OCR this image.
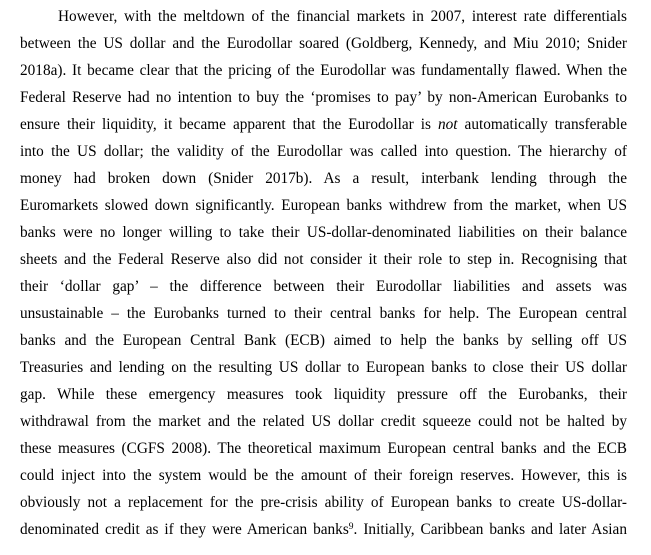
However, with the meltdown of the financial markets in 2007, interest rate differentials
between the US dollar and the Eurodollar soared (Goldberg, Kennedy, and Miu 2010; Snider
2018a). It became clear that the pricing of the Eurodollar was fundamentally flawed. When the
Federal Reserve had no intention to buy the ‘promises to pay’ by non-American Eurobanks to
ensure their liquidity, it became apparent that the Eurodollar is not automatically transferable
into the US dollar; the validity of the Eurodollar was called into question. The hierarchy of
money had broken down (Snider 2017b). As a result, interbank lending through the
Euromarkets slowed down significantly. European banks withdrew from the market, when US
banks were no longer willing to take their US-dollar-denominated liabilities on their balance
sheets and the Federal Reserve also did not consider it their role to step in. Recognising that
their ‘dollar gap’ – the difference between their Eurodollar liabilities and assets was
unsustainable – the Eurobanks turned to their central banks for help. The European central
banks and the European Central Bank (ECB) aimed to help the banks by selling off US
Treasuries and lending on the resulting US dollar to European banks to close their US dollar
gap. While these emergency measures took liquidity pressure off the Eurobanks, their
withdrawal from the market and the related US dollar credit squeeze could not be halted by
these measures (CGFS 2008). The theoretical maximum European central banks and the ECB
could inject into the system would be the amount of their foreign reserves. However, this is
obviously not a replacement for the pre-crisis ability of European banks to create US-dollar-
denominated credit as if they were American banks$^9$. Initially, Caribbean banks and later Asian
